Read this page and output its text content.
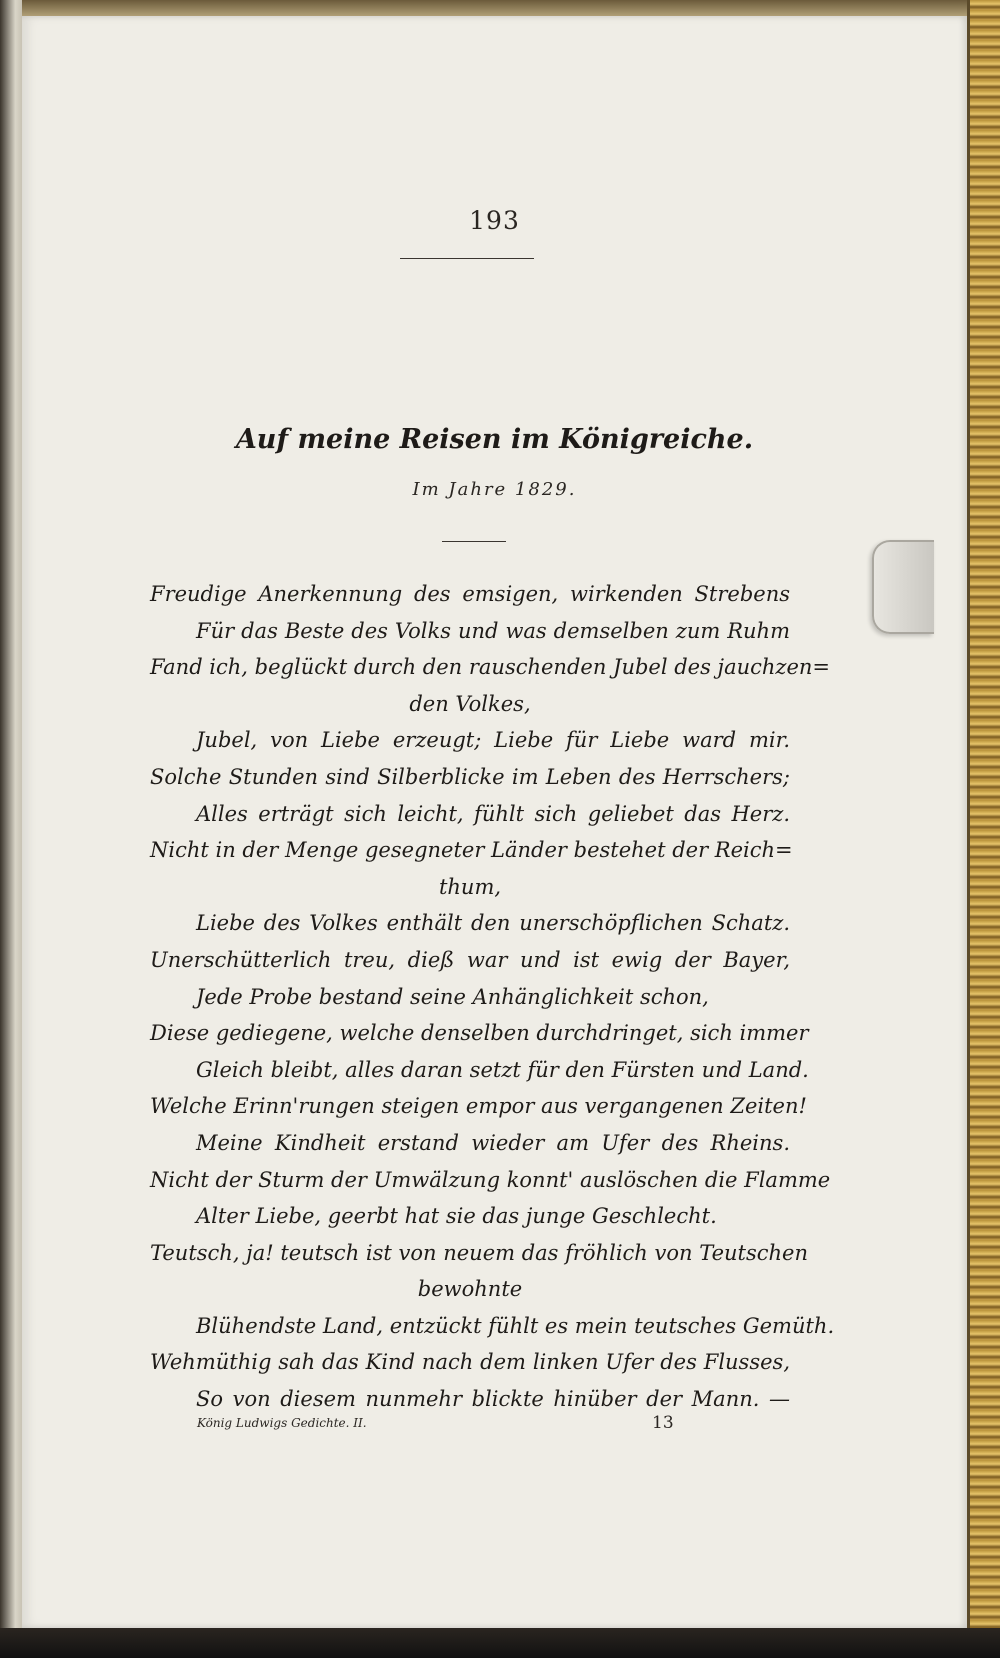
193
Auf meine Reisen im Königreiche.
Im Jahre 1829.
Freudige Anerkennung des emsigen, wirkenden Strebens
Für das Beste des Volks und was demselben zum Ruhm
Fand ich, beglückt durch den rauschenden Jubel des jauchzen=
den Volkes,
Jubel, von Liebe erzeugt; Liebe für Liebe ward mir.
Solche Stunden sind Silberblicke im Leben des Herrschers;
Alles erträgt sich leicht, fühlt sich geliebet das Herz.
Nicht in der Menge gesegneter Länder bestehet der Reich=
thum,
Liebe des Volkes enthält den unerschöpflichen Schatz.
Unerschütterlich treu, dieß war und ist ewig der Bayer,
Jede Probe bestand seine Anhänglichkeit schon,
Diese gediegene, welche denselben durchdringet, sich immer
Gleich bleibt, alles daran setzt für den Fürsten und Land.
Welche Erinn'rungen steigen empor aus vergangenen Zeiten!
Meine Kindheit erstand wieder am Ufer des Rheins.
Nicht der Sturm der Umwälzung konnt' auslöschen die Flamme
Alter Liebe, geerbt hat sie das junge Geschlecht.
Teutsch, ja! teutsch ist von neuem das fröhlich von Teutschen
bewohnte
Blühendste Land, entzückt fühlt es mein teutsches Gemüth.
Wehmüthig sah das Kind nach dem linken Ufer des Flusses,
So von diesem nunmehr blickte hinüber der Mann. —
König Ludwigs Gedichte. II.	13
